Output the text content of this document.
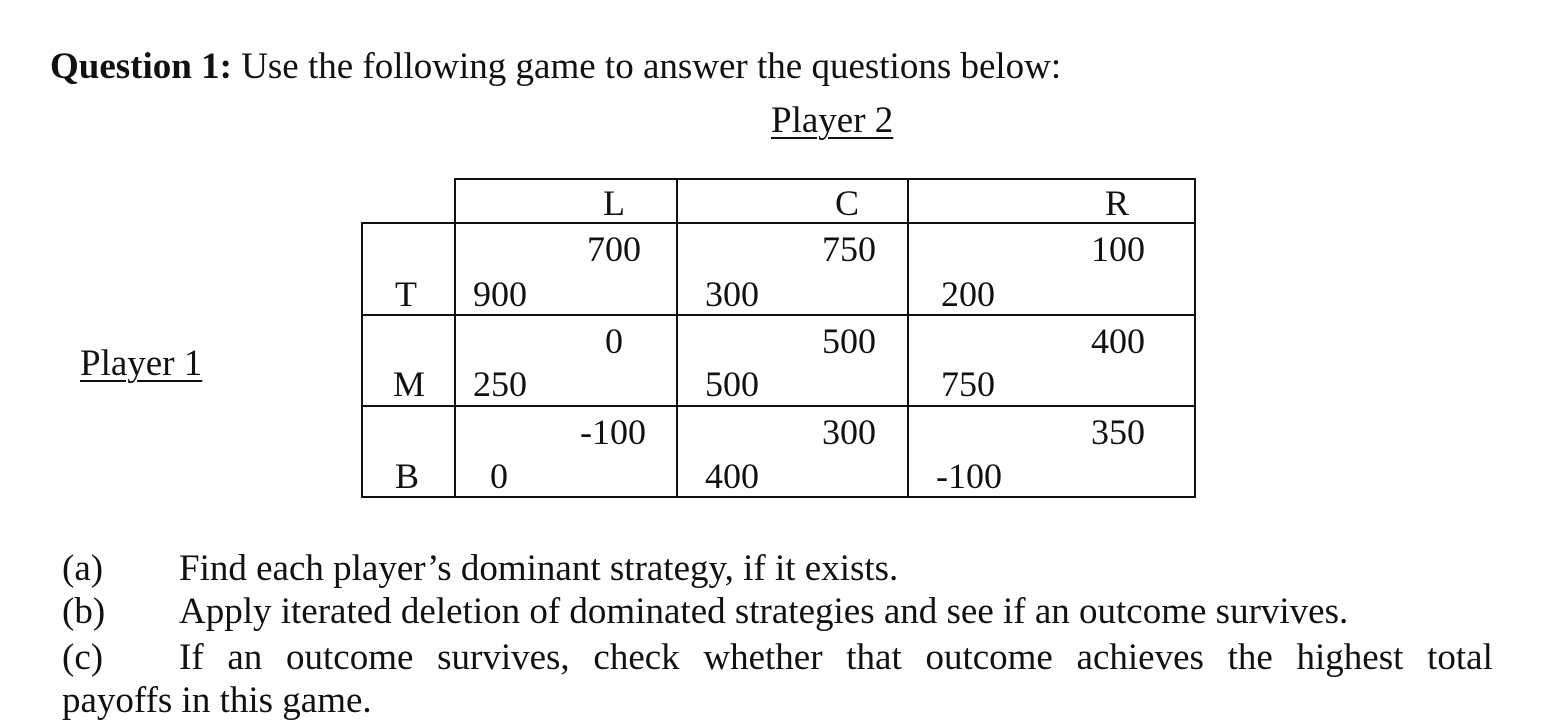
Question 1: Use the following game to answer the questions below:
Player 2
Player 1
L	C	R
T
M
B
700
900
750
300
100
200
0
250
500
500
400
750
-100
0
300
400
350
-100
(a) Find each player’s dominant strategy, if it exists.
(b) Apply iterated deletion of dominated strategies and see if an outcome survives.
(c) If an outcome survives, check whether that outcome achieves the highest total
payoffs in this game.
